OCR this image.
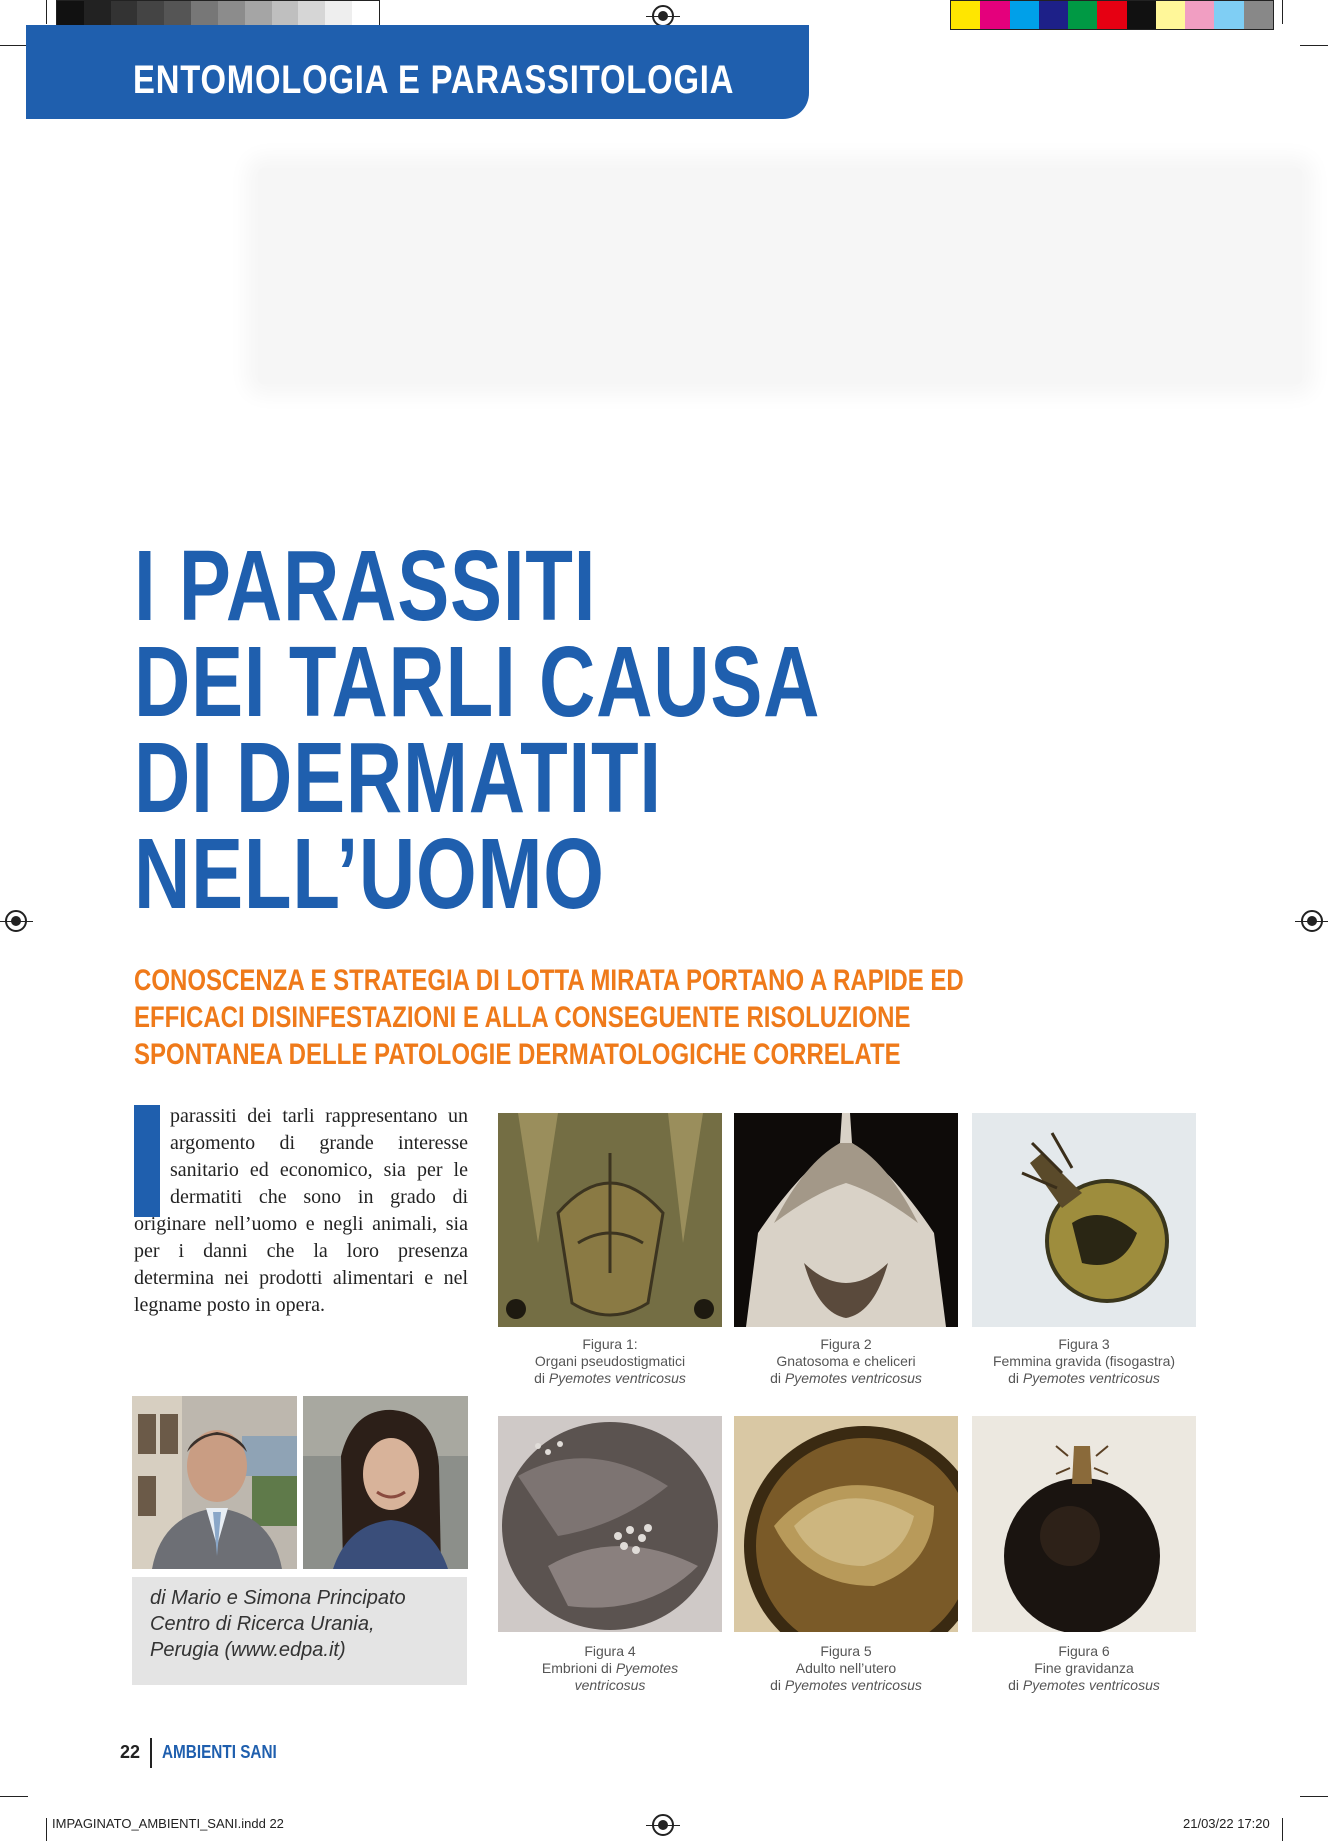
ENTOMOLOGIA E PARASSITOLOGIA
I PARASSITI
DEI TARLI CAUSA
DI DERMATITI
NELL’UOMO
CONOSCENZA E STRATEGIA DI LOTTA MIRATA PORTANO A RAPIDE ED EFFICACI DISINFESTAZIONI E ALLA CONSEGUENTE RISOLUZIONE SPONTANEA DELLE PATOLOGIE DERMATOLOGICHE CORRELATE

parassiti dei tarli rappresentano un argomento di grande interesse sanitario ed economico, sia per le dermatiti che sono in grado di originare nell’uomo e negli animali, sia per i danni che la loro presenza determina nei prodotti alimentari e nel legname posto in opera.

di Mario e Simona Principato
Centro di Ricerca Urania,
Perugia (www.edpa.it)
Figura 1:
Organi pseudostigmatici
di Pyemotes ventricosus
Figura 2
Gnatosoma e cheliceri
di Pyemotes ventricosus
Figura 3
Femmina gravida (fisogastra)
di Pyemotes ventricosus
Figura 4
Embrioni di Pyemotes
ventricosus
Figura 5
Adulto nell’utero
di Pyemotes ventricosus
Figura 6
Fine gravidanza
di Pyemotes ventricosus
22 AMBIENTI SANI
IMPAGINATO_AMBIENTI_SANI.indd 22	21/03/22 17:20
